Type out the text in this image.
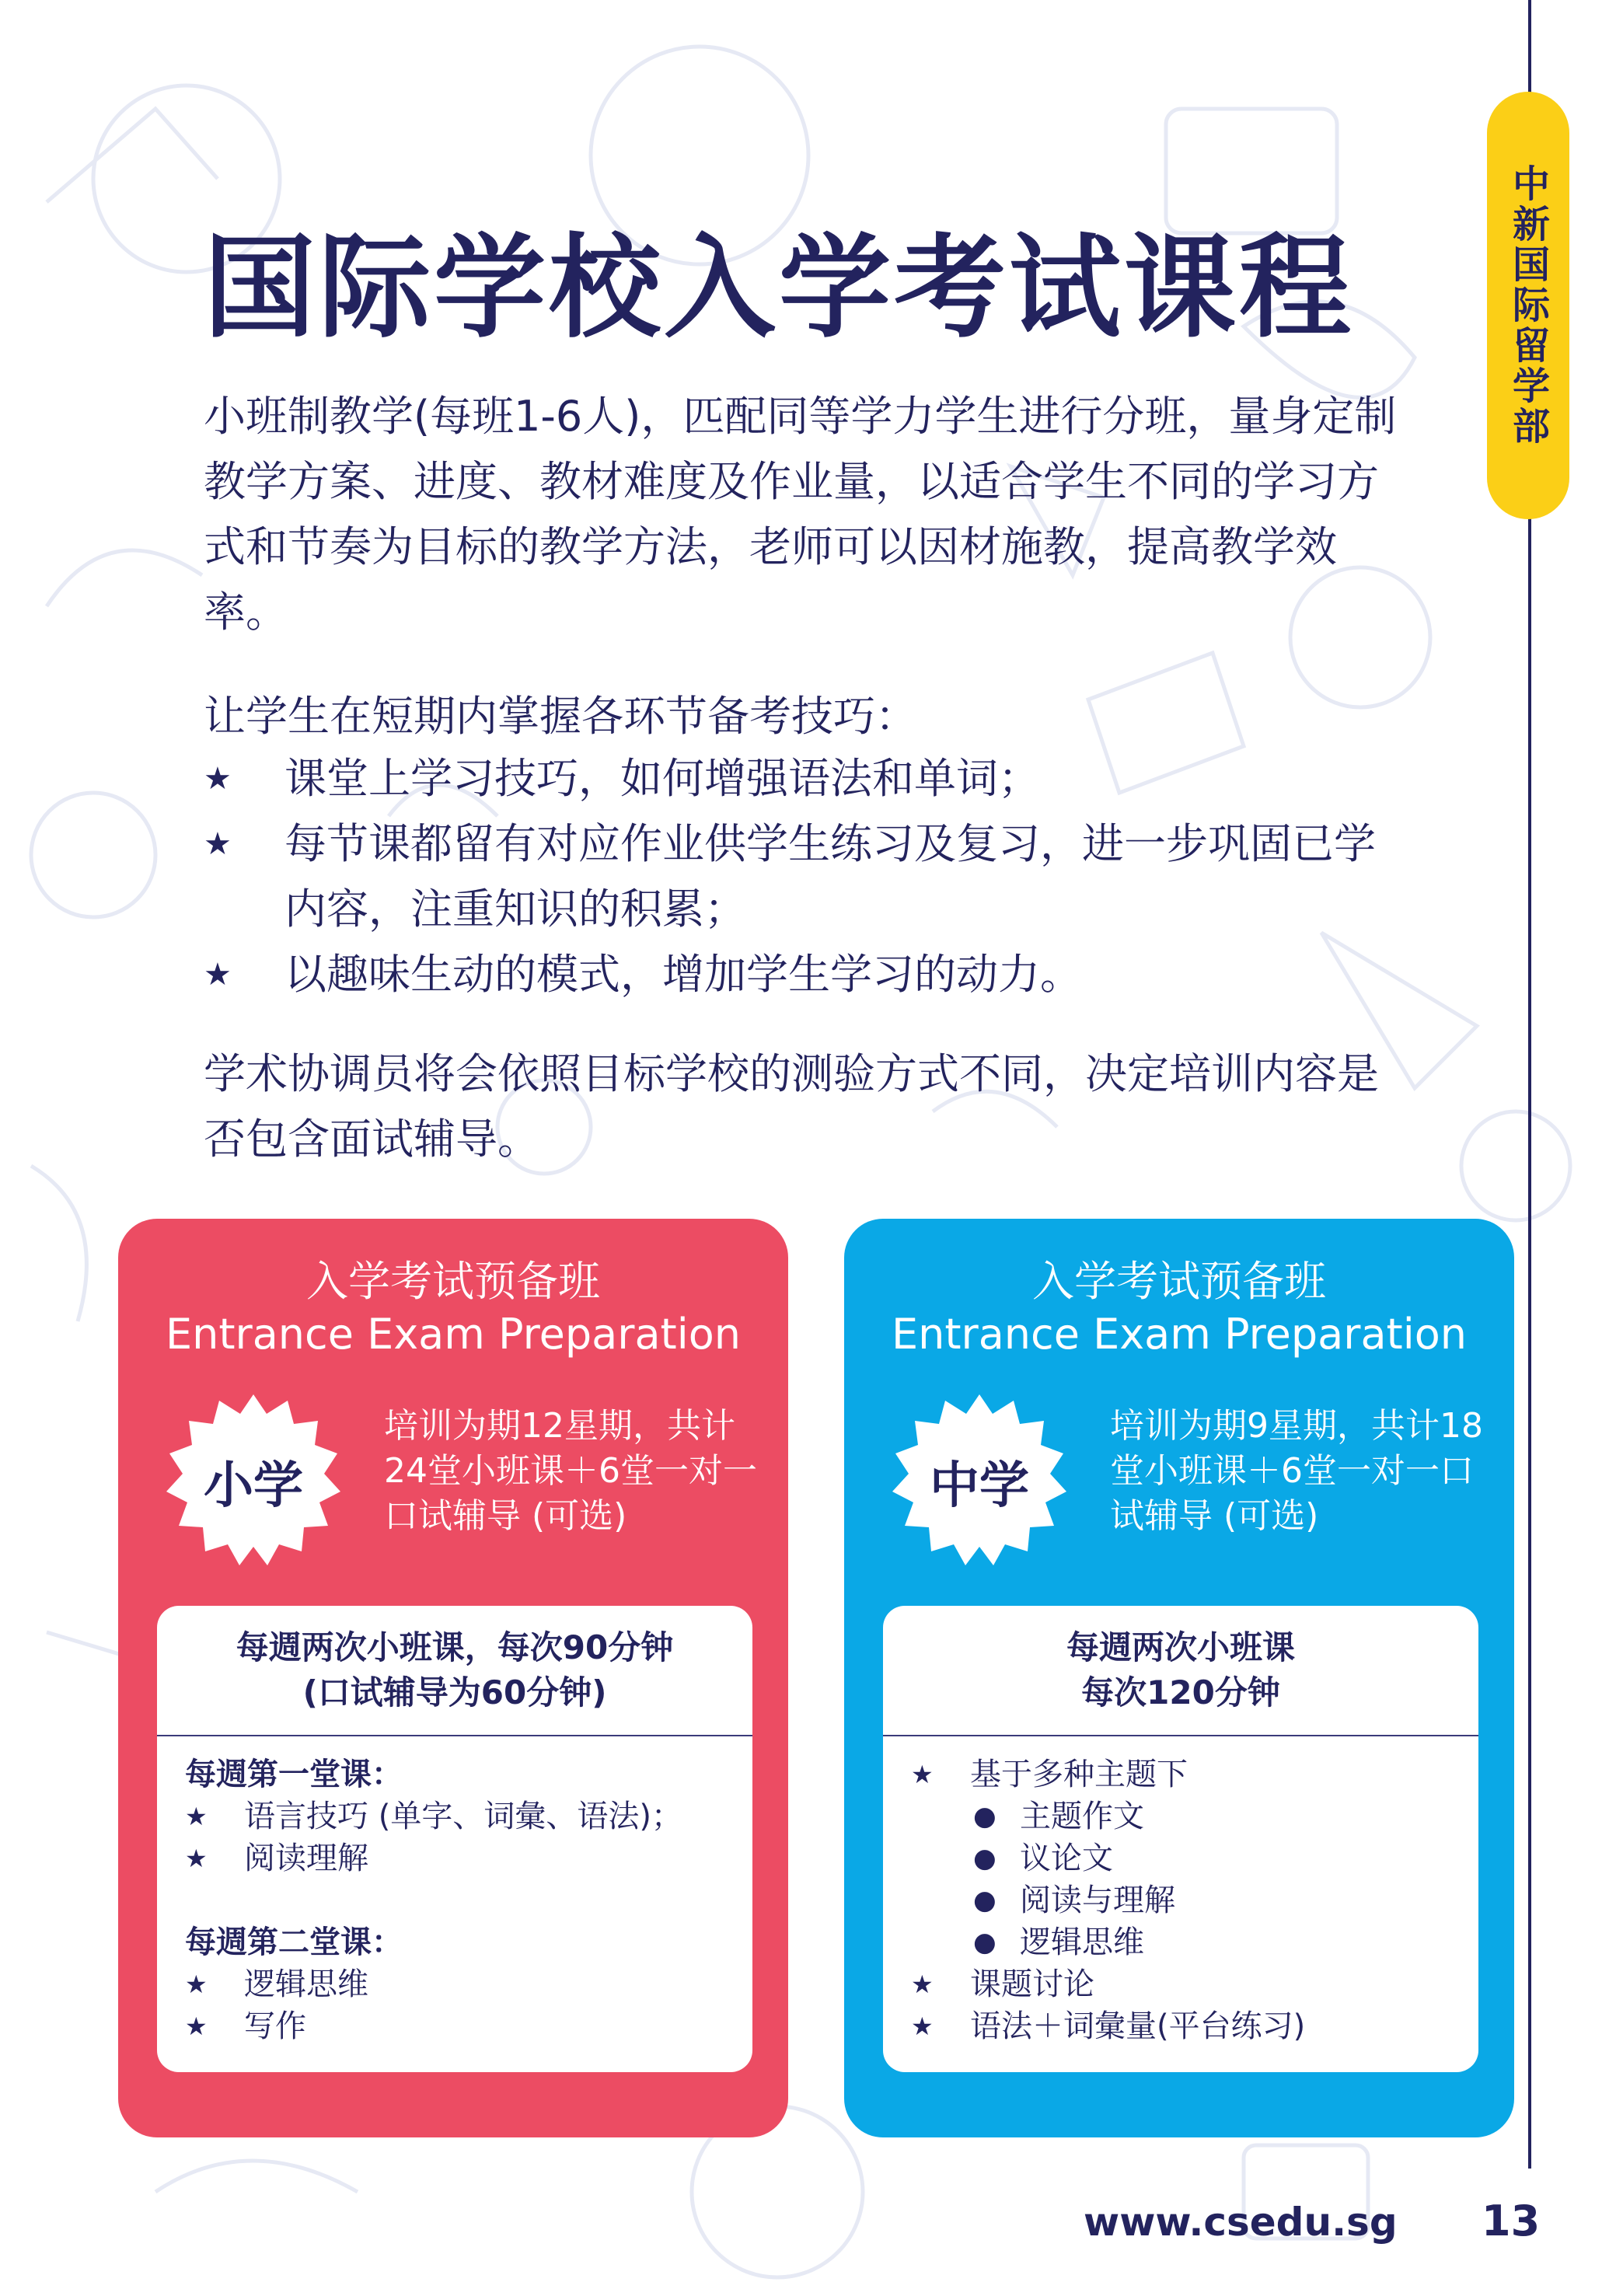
中新国际留学部
国际学校入学考试课程
小班制教学(每班1-6人)，匹配同等学力学生进行分班，量身定制教学方案、进度、教材难度及作业量，以适合学生不同的学习方式和节奏为目标的教学方法，老师可以因材施教，提高教学效率。
让学生在短期内掌握各环节备考技巧：
★ 课堂上学习技巧，如何增强语法和单词；
★ 每节课都留有对应作业供学生练习及复习，进一步巩固已学内容，注重知识的积累；
★ 以趣味生动的模式，增加学生学习的动力。
学术协调员将会依照目标学校的测验方式不同，决定培训内容是否包含面试辅导。
入学考试预备班
Entrance Exam Preparation
小学
培训为期12星期，共计24堂小班课＋6堂一对一口试辅导 (可选)
每週两次小班课，每次90分钟
(口试辅导为60分钟)
每週第一堂课：
★ 语言技巧 (单字、词彙、语法)；
★ 阅读理解
每週第二堂课：
★ 逻辑思维
★ 写作
入学考试预备班
Entrance Exam Preparation
中学
培训为期9星期，共计18堂小班课＋6堂一对一口试辅导 (可选)
每週两次小班课
每次120分钟
★ 基于多种主题下
● 主题作文
● 议论文
● 阅读与理解
● 逻辑思维
★ 课题讨论
★ 语法＋词彙量(平台练习)
www.csedu.sg 13
